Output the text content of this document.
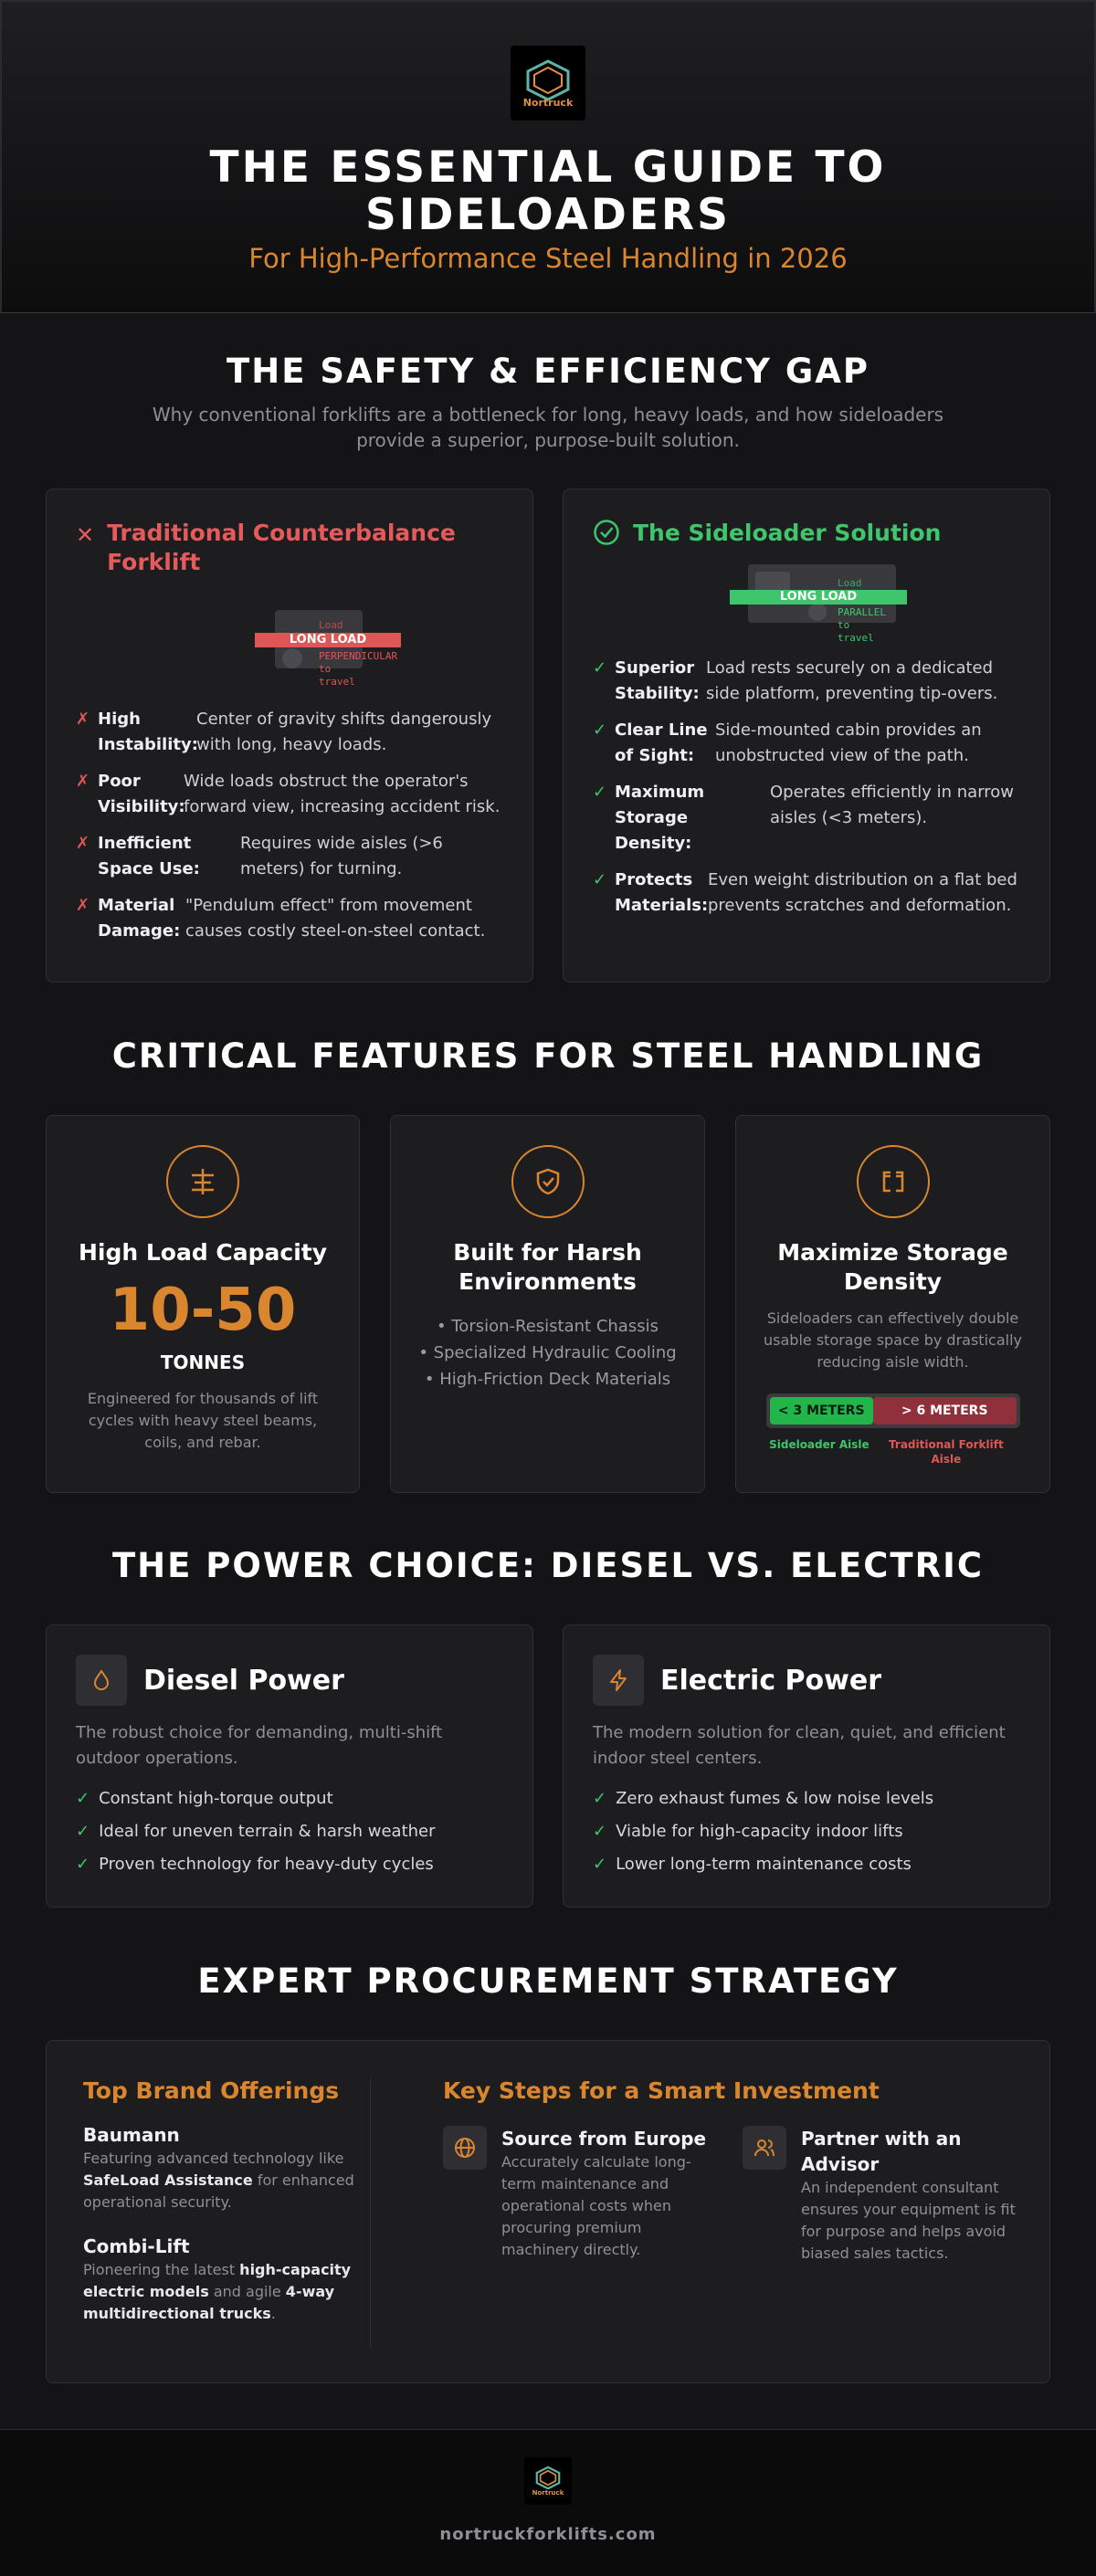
Nortruck
THE ESSENTIAL GUIDE TO
SIDELOADERS
For High-Performance Steel Handling in 2026
THE SAFETY & EFFICIENCY GAP
Why conventional forklifts are a bottleneck for long, heavy loads, and how sideloaders provide a superior, purpose-built solution.
✕ Traditional Counterbalance Forklift
LONG LOAD
Load
PERPENDICULAR
to
travel
✗ High Instability:
Center of gravity shifts dangerously with long, heavy loads.
✗ Poor Visibility:
Wide loads obstruct the operator's forward view, increasing accident risk.
✗ Inefficient Space Use:
Requires wide aisles (>6 meters) for turning.
✗ Material Damage:
"Pendulum effect" from movement causes costly steel-on-steel contact.
The Sideloader Solution
LONG LOAD
Load
PARALLEL
to
travel
✓ Superior Stability:
Load rests securely on a dedicated side platform, preventing tip-overs.
✓ Clear Line of Sight:
Side-mounted cabin provides an unobstructed view of the path.
✓ Maximum Storage Density:
Operates efficiently in narrow aisles (<3 meters).
✓ Protects Materials:
Even weight distribution on a flat bed prevents scratches and deformation.
CRITICAL FEATURES FOR STEEL HANDLING
High Load Capacity
10-50
TONNES
Engineered for thousands of lift cycles with heavy steel beams, coils, and rebar.
Built for Harsh Environments
• Torsion-Resistant Chassis
• Specialized Hydraulic Cooling
• High-Friction Deck Materials
Maximize Storage Density
Sideloaders can effectively double usable storage space by drastically reducing aisle width.
< 3 METERS	> 6 METERS
Sideloader Aisle	Traditional Forklift Aisle
THE POWER CHOICE: DIESEL VS. ELECTRIC
Diesel Power
The robust choice for demanding, multi-shift outdoor operations.
✓ Constant high-torque output
✓ Ideal for uneven terrain & harsh weather
✓ Proven technology for heavy-duty cycles
Electric Power
The modern solution for clean, quiet, and efficient indoor steel centers.
✓ Zero exhaust fumes & low noise levels
✓ Viable for high-capacity indoor lifts
✓ Lower long-term maintenance costs
EXPERT PROCUREMENT STRATEGY
Top Brand Offerings
Baumann

Featuring advanced technology like SafeLoad Assistance for enhanced operational security.

Combi-Lift

Pioneering the latest high-capacity electric models and agile 4-way multidirectional trucks.

Key Steps for a Smart Investment
Source from Europe

Accurately calculate long-term maintenance and operational costs when procuring premium machinery directly.

Partner with an Advisor

An independent consultant ensures your equipment is fit for purpose and helps avoid biased sales tactics.

Nortruck
nortruckforklifts.com
